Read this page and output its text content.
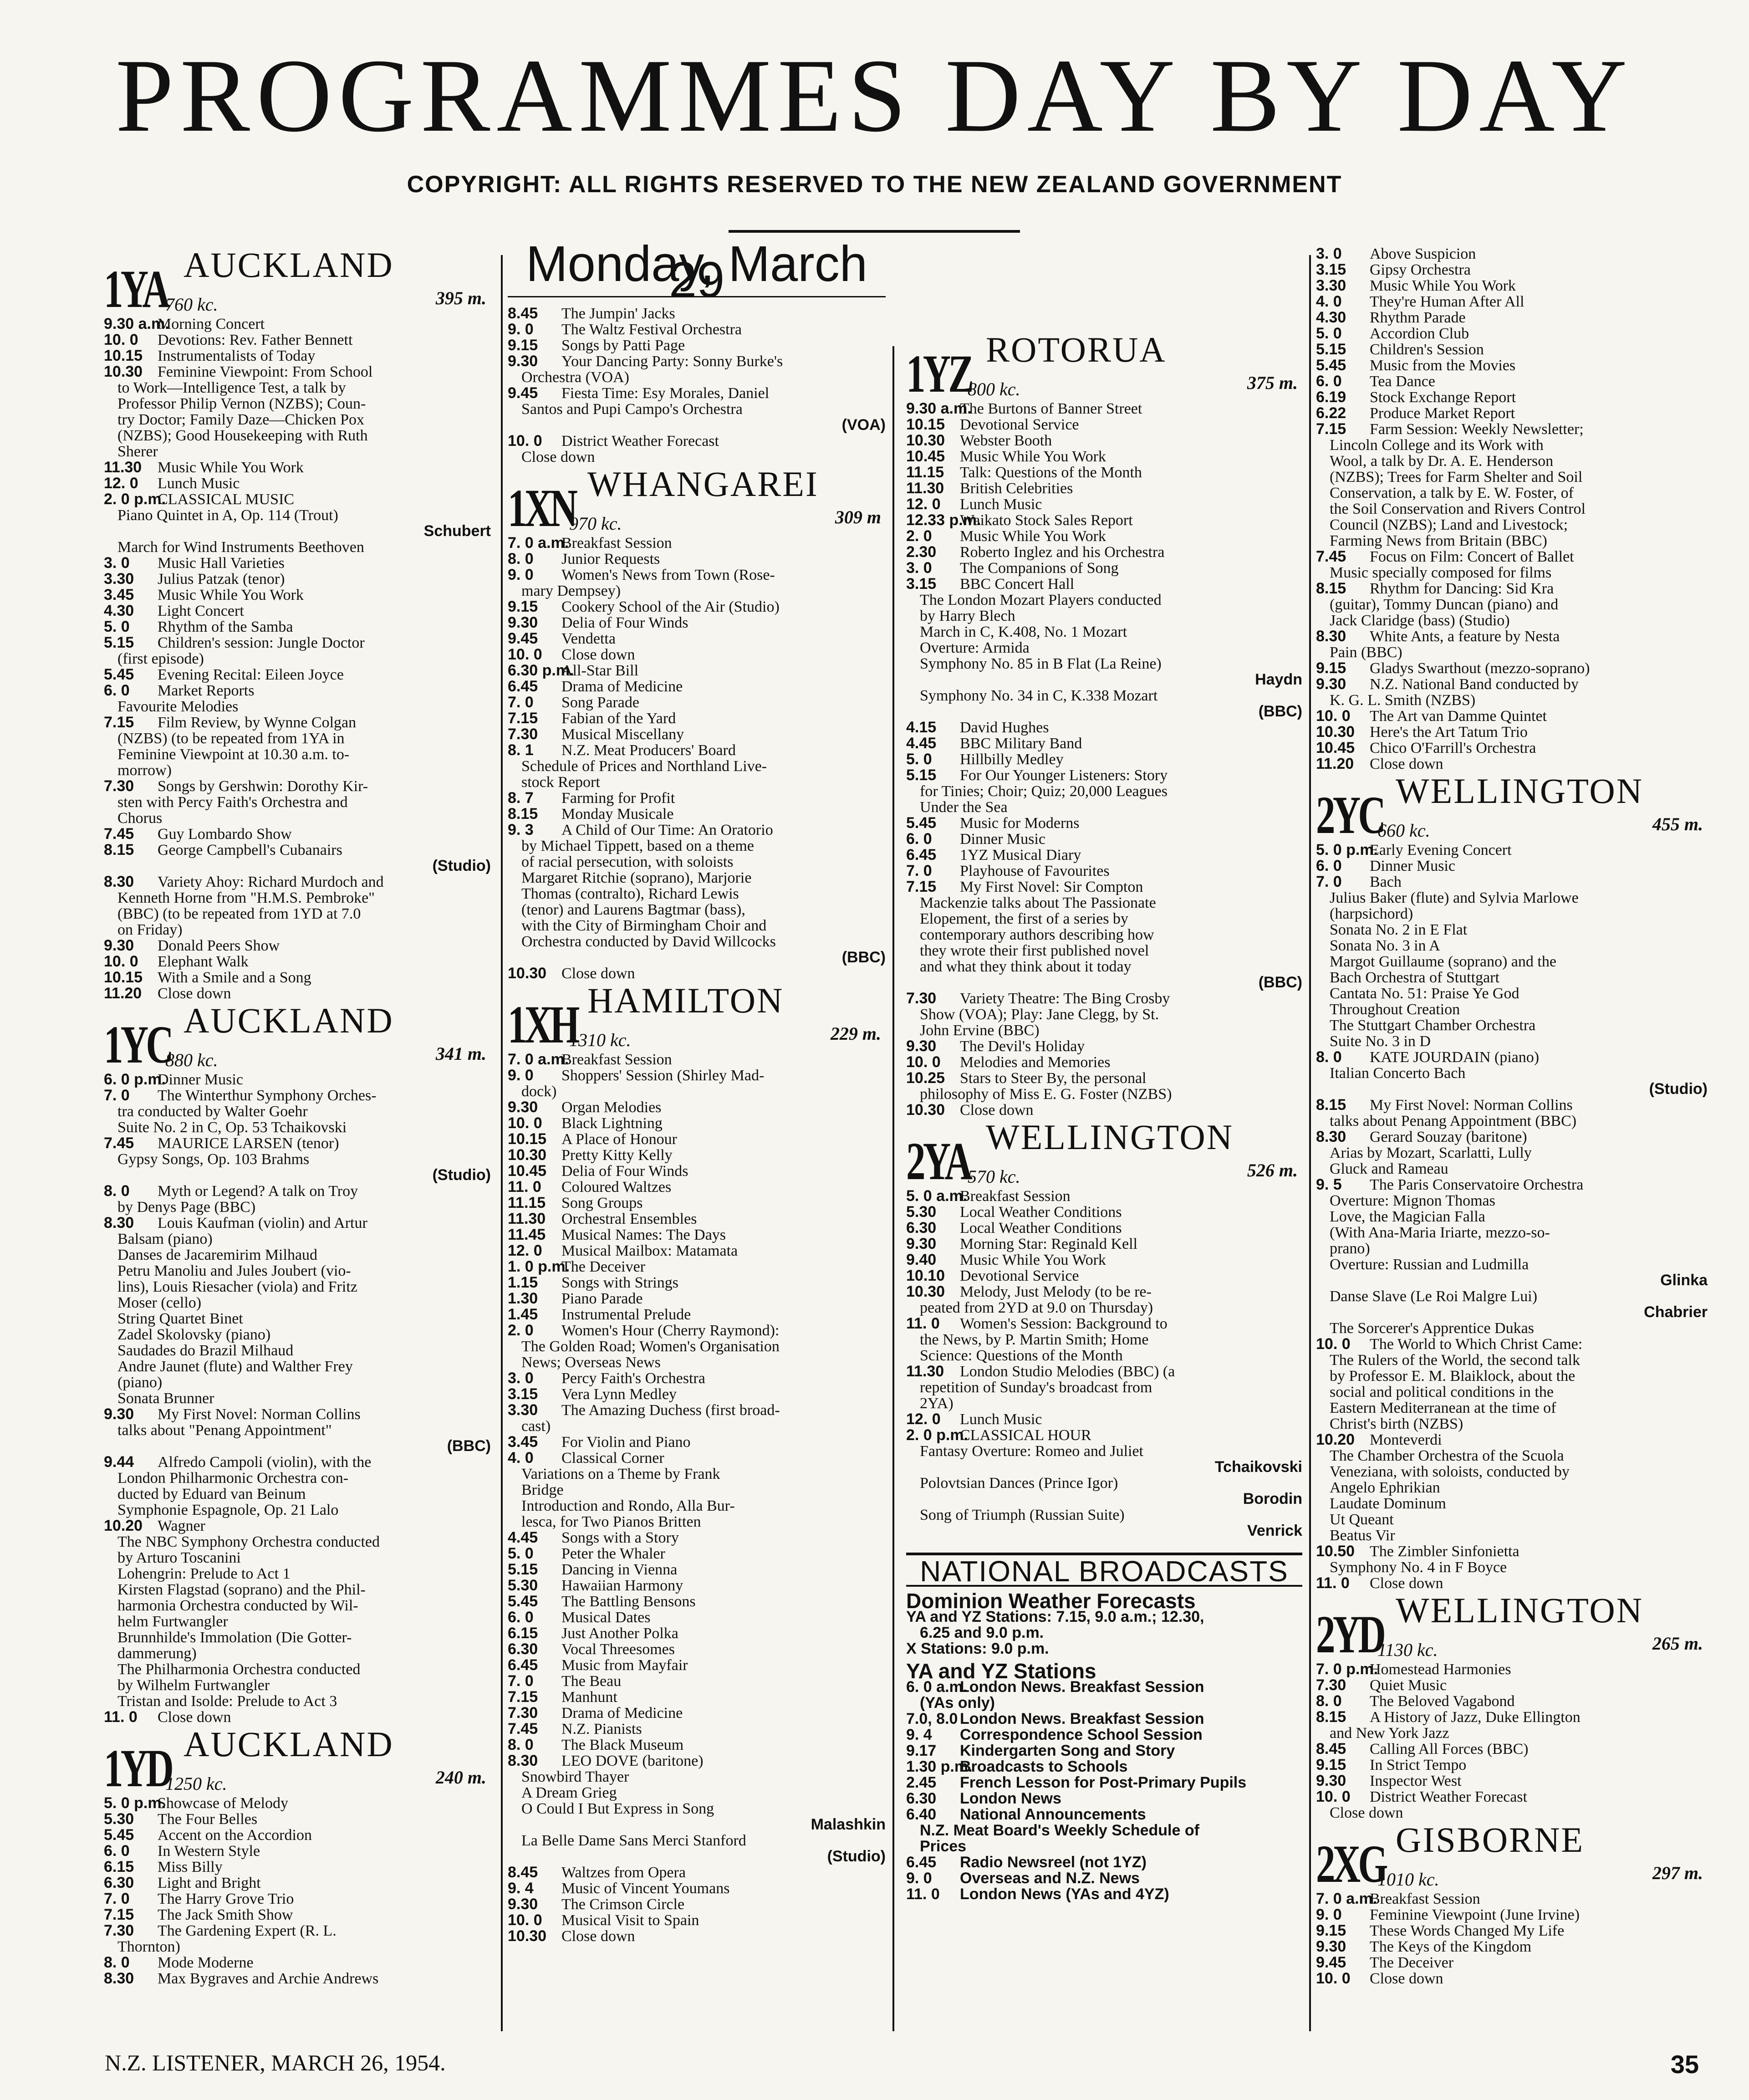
PROGRAMMES DAY BY DAY
COPYRIGHT: ALL RIGHTS RESERVED TO THE NEW ZEALAND GOVERNMENT
1YA AUCKLAND
760 kc.	395 m.
9.30 a.m.Morning Concert
10. 0 Devotions: Rev. Father Bennett
10.15 Instrumentalists of Today
10.30 Feminine Viewpoint: From School
to Work—Intelligence Test, a talk by
Professor Philip Vernon (NZBS); Coun-
try Doctor; Family Daze—Chicken Pox
(NZBS); Good Housekeeping with Ruth
Sherer
11.30 Music While You Work
12. 0 Lunch Music
2. 0 p.m.CLASSICAL MUSIC
Piano Quintet in A, Op. 114 (Trout)
Schubert
March for Wind Instruments Beethoven
3. 0 Music Hall Varieties
3.30 Julius Patzak (tenor)
3.45 Music While You Work
4.30 Light Concert
5. 0 Rhythm of the Samba
5.15 Children's session: Jungle Doctor
(first episode)
5.45 Evening Recital: Eileen Joyce
6. 0 Market Reports
Favourite Melodies
7.15 Film Review, by Wynne Colgan
(NZBS) (to be repeated from 1YA in
Feminine Viewpoint at 10.30 a.m. to-
morrow)
7.30 Songs by Gershwin: Dorothy Kir-
sten with Percy Faith's Orchestra and
Chorus
7.45 Guy Lombardo Show
8.15 George Campbell's Cubanairs
(Studio)
8.30 Variety Ahoy: Richard Murdoch and
Kenneth Horne from "H.M.S. Pembroke"
(BBC) (to be repeated from 1YD at 7.0
on Friday)
9.30 Donald Peers Show
10. 0 Elephant Walk
10.15 With a Smile and a Song
11.20 Close down
1YC AUCKLAND
880 kc.	341 m.
6. 0 p.m.Dinner Music
7. 0 The Winterthur Symphony Orches-
tra conducted by Walter Goehr
Suite No. 2 in C, Op. 53 Tchaikovski
7.45 MAURICE LARSEN (tenor)
Gypsy Songs, Op. 103 Brahms
(Studio)
8. 0 Myth or Legend? A talk on Troy
by Denys Page (BBC)
8.30 Louis Kaufman (violin) and Artur
Balsam (piano)
Danses de Jacaremirim Milhaud
Petru Manoliu and Jules Joubert (vio-
lins), Louis Riesacher (viola) and Fritz
Moser (cello)
String Quartet Binet
Zadel Skolovsky (piano)
Saudades do Brazil Milhaud
Andre Jaunet (flute) and Walther Frey
(piano)
Sonata Brunner
9.30 My First Novel: Norman Collins
talks about "Penang Appointment"
(BBC)
9.44 Alfredo Campoli (violin), with the
London Philharmonic Orchestra con-
ducted by Eduard van Beinum
Symphonie Espagnole, Op. 21 Lalo
10.20 Wagner
The NBC Symphony Orchestra conducted
by Arturo Toscanini
Lohengrin: Prelude to Act 1
Kirsten Flagstad (soprano) and the Phil-
harmonia Orchestra conducted by Wil-
helm Furtwangler
Brunnhilde's Immolation (Die Gotter-
dammerung)
The Philharmonia Orchestra conducted
by Wilhelm Furtwangler
Tristan and Isolde: Prelude to Act 3
11. 0 Close down
1YD AUCKLAND
1250 kc.	240 m.
5. 0 p.m.Showcase of Melody
5.30 The Four Belles
5.45 Accent on the Accordion
6. 0 In Western Style
6.15 Miss Billy
6.30 Light and Bright
7. 0 The Harry Grove Trio
7.15 The Jack Smith Show
7.30 The Gardening Expert (R. L.
Thornton)
8. 0 Mode Moderne
8.30 Max Bygraves and Archie Andrews
Monday, March 29
8.45 The Jumpin' Jacks
9. 0 The Waltz Festival Orchestra
9.15 Songs by Patti Page
9.30 Your Dancing Party: Sonny Burke's
Orchestra (VOA)
9.45 Fiesta Time: Esy Morales, Daniel
Santos and Pupi Campo's Orchestra
(VOA)
10. 0 District Weather Forecast
Close down
1XN WHANGAREI
970 kc.	309 m
7. 0 a.m.Breakfast Session
8. 0 Junior Requests
9. 0 Women's News from Town (Rose-
mary Dempsey)
9.15 Cookery School of the Air (Studio)
9.30 Delia of Four Winds
9.45 Vendetta
10. 0 Close down
6.30 p.m.All-Star Bill
6.45 Drama of Medicine
7. 0 Song Parade
7.15 Fabian of the Yard
7.30 Musical Miscellany
8. 1 N.Z. Meat Producers' Board
Schedule of Prices and Northland Live-
stock Report
8. 7 Farming for Profit
8.15 Monday Musicale
9. 3 A Child of Our Time: An Oratorio
by Michael Tippett, based on a theme
of racial persecution, with soloists
Margaret Ritchie (soprano), Marjorie
Thomas (contralto), Richard Lewis
(tenor) and Laurens Bagtmar (bass),
with the City of Birmingham Choir and
Orchestra conducted by David Willcocks
(BBC)
10.30 Close down
1XH HAMILTON
1310 kc.	229 m.
7. 0 a.m.Breakfast Session
9. 0 Shoppers' Session (Shirley Mad-
dock)
9.30 Organ Melodies
10. 0 Black Lightning
10.15 A Place of Honour
10.30 Pretty Kitty Kelly
10.45 Delia of Four Winds
11. 0 Coloured Waltzes
11.15 Song Groups
11.30 Orchestral Ensembles
11.45 Musical Names: The Days
12. 0 Musical Mailbox: Matamata
1. 0 p.m.The Deceiver
1.15 Songs with Strings
1.30 Piano Parade
1.45 Instrumental Prelude
2. 0 Women's Hour (Cherry Raymond):
The Golden Road; Women's Organisation
News; Overseas News
3. 0 Percy Faith's Orchestra
3.15 Vera Lynn Medley
3.30 The Amazing Duchess (first broad-
cast)
3.45 For Violin and Piano
4. 0 Classical Corner
Variations on a Theme by Frank
Bridge
Introduction and Rondo, Alla Bur-
lesca, for Two Pianos Britten
4.45 Songs with a Story
5. 0 Peter the Whaler
5.15 Dancing in Vienna
5.30 Hawaiian Harmony
5.45 The Battling Bensons
6. 0 Musical Dates
6.15 Just Another Polka
6.30 Vocal Threesomes
6.45 Music from Mayfair
7. 0 The Beau
7.15 Manhunt
7.30 Drama of Medicine
7.45 N.Z. Pianists
8. 0 The Black Museum
8.30 LEO DOVE (baritone)
Snowbird Thayer
A Dream Grieg
O Could I But Express in Song
Malashkin
La Belle Dame Sans Merci Stanford
(Studio)
8.45 Waltzes from Opera
9. 4 Music of Vincent Youmans
9.30 The Crimson Circle
10. 0 Musical Visit to Spain
10.30 Close down
1YZ ROTORUA
800 kc.	375 m.
9.30 a.m.The Burtons of Banner Street
10.15 Devotional Service
10.30 Webster Booth
10.45 Music While You Work
11.15 Talk: Questions of the Month
11.30 British Celebrities
12. 0 Lunch Music
12.33 p.m.Waikato Stock Sales Report
2. 0 Music While You Work
2.30 Roberto Inglez and his Orchestra
3. 0 The Companions of Song
3.15 BBC Concert Hall
The London Mozart Players conducted
by Harry Blech
March in C, K.408, No. 1 Mozart
Overture: Armida
Symphony No. 85 in B Flat (La Reine)
Haydn
Symphony No. 34 in C, K.338 Mozart
(BBC)
4.15 David Hughes
4.45 BBC Military Band
5. 0 Hillbilly Medley
5.15 For Our Younger Listeners: Story
for Tinies; Choir; Quiz; 20,000 Leagues
Under the Sea
5.45 Music for Moderns
6. 0 Dinner Music
6.45 1YZ Musical Diary
7. 0 Playhouse of Favourites
7.15 My First Novel: Sir Compton
Mackenzie talks about The Passionate
Elopement, the first of a series by
contemporary authors describing how
they wrote their first published novel
and what they think about it today
(BBC)
7.30 Variety Theatre: The Bing Crosby
Show (VOA); Play: Jane Clegg, by St.
John Ervine (BBC)
9.30 The Devil's Holiday
10. 0 Melodies and Memories
10.25 Stars to Steer By, the personal
philosophy of Miss E. G. Foster (NZBS)
10.30 Close down
2YA WELLINGTON
570 kc.	526 m.
5. 0 a.m.Breakfast Session
5.30 Local Weather Conditions
6.30 Local Weather Conditions
9.30 Morning Star: Reginald Kell
9.40 Music While You Work
10.10 Devotional Service
10.30 Melody, Just Melody (to be re-
peated from 2YD at 9.0 on Thursday)
11. 0 Women's Session: Background to
the News, by P. Martin Smith; Home
Science: Questions of the Month
11.30 London Studio Melodies (BBC) (a
repetition of Sunday's broadcast from
2YA)
12. 0 Lunch Music
2. 0 p.m.CLASSICAL HOUR
Fantasy Overture: Romeo and Juliet
Tchaikovski
Polovtsian Dances (Prince Igor)
Borodin
Song of Triumph (Russian Suite)
Venrick
NATIONAL BROADCASTS
Dominion Weather Forecasts
YA and YZ Stations: 7.15, 9.0 a.m.; 12.30,
6.25 and 9.0 p.m.
X Stations: 9.0 p.m.
YA and YZ Stations
6. 0 a.m.London News. Breakfast Session
(YAs only)
7.0, 8.0 London News. Breakfast Session
9. 4 Correspondence School Session
9.17 Kindergarten Song and Story
1.30 p.m.Broadcasts to Schools
2.45 French Lesson for Post-Primary Pupils
6.30 London News
6.40 National Announcements
N.Z. Meat Board's Weekly Schedule of
Prices
6.45 Radio Newsreel (not 1YZ)
9. 0 Overseas and N.Z. News
11. 0 London News (YAs and 4YZ)
3. 0 Above Suspicion
3.15 Gipsy Orchestra
3.30 Music While You Work
4. 0 They're Human After All
4.30 Rhythm Parade
5. 0 Accordion Club
5.15 Children's Session
5.45 Music from the Movies
6. 0 Tea Dance
6.19 Stock Exchange Report
6.22 Produce Market Report
7.15 Farm Session: Weekly Newsletter;
Lincoln College and its Work with
Wool, a talk by Dr. A. E. Henderson
(NZBS); Trees for Farm Shelter and Soil
Conservation, a talk by E. W. Foster, of
the Soil Conservation and Rivers Control
Council (NZBS); Land and Livestock;
Farming News from Britain (BBC)
7.45 Focus on Film: Concert of Ballet
Music specially composed for films
8.15 Rhythm for Dancing: Sid Kra
(guitar), Tommy Duncan (piano) and
Jack Claridge (bass) (Studio)
8.30 White Ants, a feature by Nesta
Pain (BBC)
9.15 Gladys Swarthout (mezzo-soprano)
9.30 N.Z. National Band conducted by
K. G. L. Smith (NZBS)
10. 0 The Art van Damme Quintet
10.30 Here's the Art Tatum Trio
10.45 Chico O'Farrill's Orchestra
11.20 Close down
2YC WELLINGTON
660 kc.	455 m.
5. 0 p.m.Early Evening Concert
6. 0 Dinner Music
7. 0 Bach
Julius Baker (flute) and Sylvia Marlowe
(harpsichord)
Sonata No. 2 in E Flat
Sonata No. 3 in A
Margot Guillaume (soprano) and the
Bach Orchestra of Stuttgart
Cantata No. 51: Praise Ye God
Throughout Creation
The Stuttgart Chamber Orchestra
Suite No. 3 in D
8. 0 KATE JOURDAIN (piano)
Italian Concerto Bach
(Studio)
8.15 My First Novel: Norman Collins
talks about Penang Appointment (BBC)
8.30 Gerard Souzay (baritone)
Arias by Mozart, Scarlatti, Lully
Gluck and Rameau
9. 5 The Paris Conservatoire Orchestra
Overture: Mignon Thomas
Love, the Magician Falla
(With Ana-Maria Iriarte, mezzo-so-
prano)
Overture: Russian and Ludmilla
Glinka
Danse Slave (Le Roi Malgre Lui)
Chabrier
The Sorcerer's Apprentice Dukas
10. 0 The World to Which Christ Came:
The Rulers of the World, the second talk
by Professor E. M. Blaiklock, about the
social and political conditions in the
Eastern Mediterranean at the time of
Christ's birth (NZBS)
10.20 Monteverdi
The Chamber Orchestra of the Scuola
Veneziana, with soloists, conducted by
Angelo Ephrikian
Laudate Dominum
Ut Queant
Beatus Vir
10.50 The Zimbler Sinfonietta
Symphony No. 4 in F Boyce
11. 0 Close down
2YD WELLINGTON
1130 kc.	265 m.
7. 0 p.m.Homestead Harmonies
7.30 Quiet Music
8. 0 The Beloved Vagabond
8.15 A History of Jazz, Duke Ellington
and New York Jazz
8.45 Calling All Forces (BBC)
9.15 In Strict Tempo
9.30 Inspector West
10. 0 District Weather Forecast
Close down
2XG GISBORNE
1010 kc.	297 m.
7. 0 a.m.Breakfast Session
9. 0 Feminine Viewpoint (June Irvine)
9.15 These Words Changed My Life
9.30 The Keys of the Kingdom
9.45 The Deceiver
10. 0 Close down
N.Z. LISTENER, MARCH 26, 1954.	35
